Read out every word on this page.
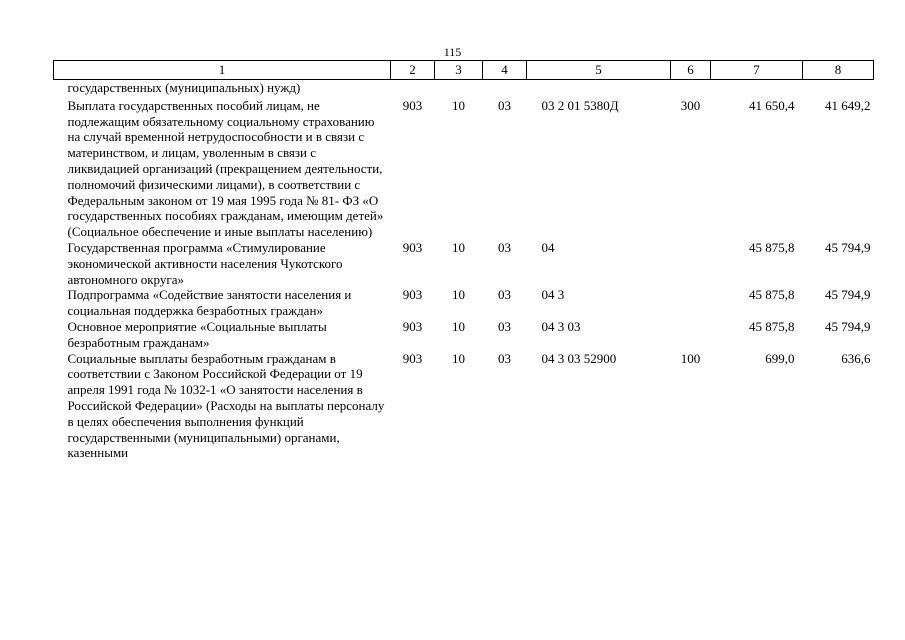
115
1	2	3	4	5	6	7	8
государственных (муниципальных) нужд)							
Выплата государственных пособий лицам, не подлежащим обязательному социальному страхованию на случай временной нетрудоспособности и в связи с материнством, и лицам, уволенным в связи с ликвидацией организаций (прекращением деятельности, полномочий физическими лицами), в соответствии с Федеральным законом от 19 мая 1995 года № 81- ФЗ «О государственных пособиях гражданам, имеющим детей» (Социальное обеспечение и иные выплаты населению)	903	10	03	03 2 01 5380Д	300	41 650,4	41 649,2
Государственная программа «Стимулирование экономической активности населения Чукотского автономного округа»	903	10	03	04		45 875,8	45 794,9
Подпрограмма «Содействие занятости населения и социальная поддержка безработных граждан»	903	10	03	04 3		45 875,8	45 794,9
Основное мероприятие «Социальные выплаты безработным гражданам»	903	10	03	04 3 03		45 875,8	45 794,9
Социальные выплаты безработным гражданам в соответствии с Законом Российской Федерации от 19 апреля 1991 года № 1032-1 «О занятости населения в Российской Федерации» (Расходы на выплаты персоналу в целях обеспечения выполнения функций государственными (муниципальными) органами, казенными	903	10	03	04 3 03 52900	100	699,0	636,6
